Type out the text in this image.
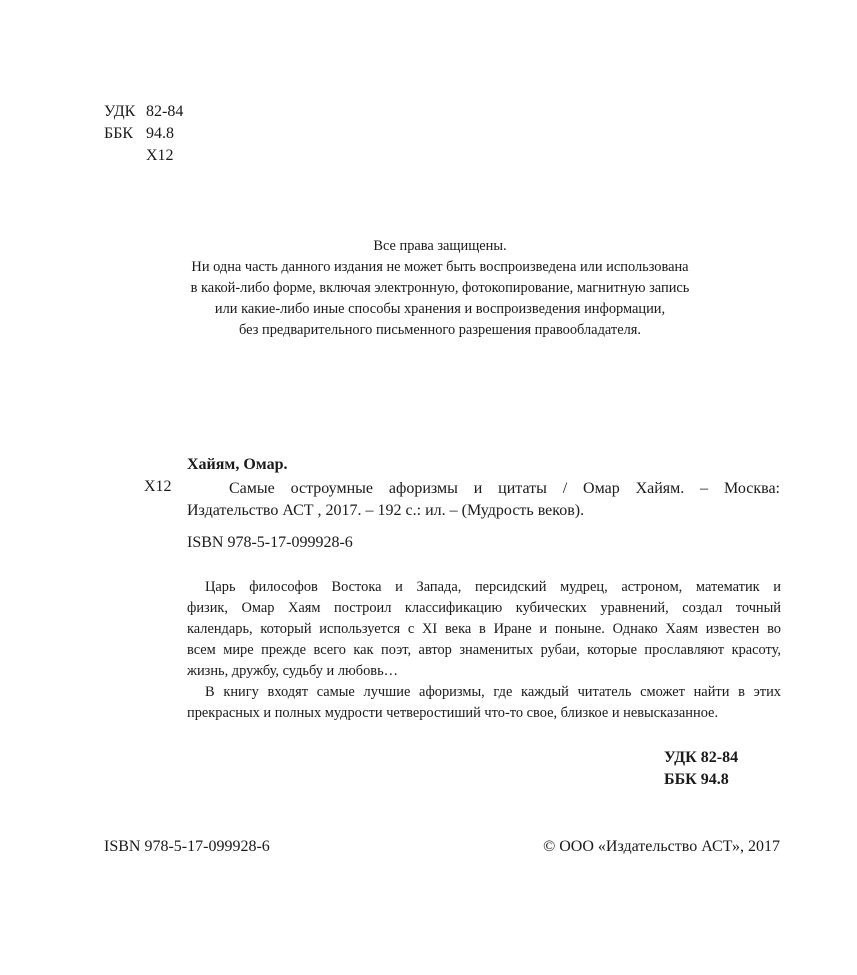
УДК 82-84
ББК 94.8
Х12
Все права защищены.
Ни одна часть данного издания не может быть воспроизведена или использована
в какой-либо форме, включая электронную, фотокопирование, магнитную запись
или какие-либо иные способы хранения и воспроизведения информации,
без предварительного письменного разрешения правообладателя.
Хайям, Омар.
Х12	Самые остроумные афоризмы и цитаты / Омар Хайям. – Москва:
Издательство АСТ , 2017. – 192 с.: ил. – (Мудрость веков).
ISBN 978-5-17-099928-6
Царь философов Востока и Запада, персидский мудрец, астроном, математик и
физик, Омар Хаям построил классификацию кубических уравнений, создал точный
календарь, который используется с XI века в Иране и поныне. Однако Хаям известен во
всем мире прежде всего как поэт, автор знаменитых рубаи, которые прославляют красоту,
жизнь, дружбу, судьбу и любовь…
В книгу входят самые лучшие афоризмы, где каждый читатель сможет найти в этих
прекрасных и полных мудрости четверостиший что-то свое, близкое и невысказанное.
УДК 82-84
ББК 94.8
ISBN 978-5-17-099928-6	© ООО «Издательство АСТ», 2017
